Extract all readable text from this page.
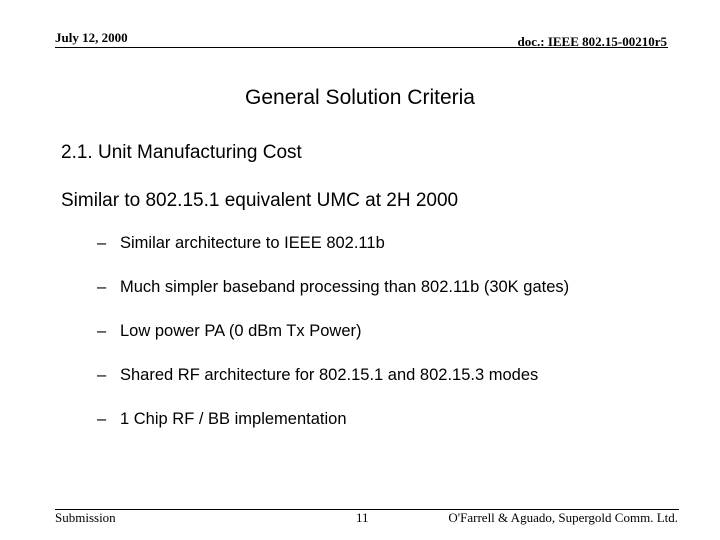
July 12, 2000	doc.: IEEE 802.15-00210r5
General Solution Criteria
2.1. Unit Manufacturing Cost
Similar to 802.15.1 equivalent UMC at 2H 2000
– Similar architecture to IEEE 802.11b
– Much simpler baseband processing than 802.11b (30K gates)
– Low power PA (0 dBm Tx Power)
– Shared RF architecture for 802.15.1 and 802.15.3 modes
– 1 Chip RF / BB implementation
Submission	11	O'Farrell & Aguado, Supergold Comm. Ltd.
